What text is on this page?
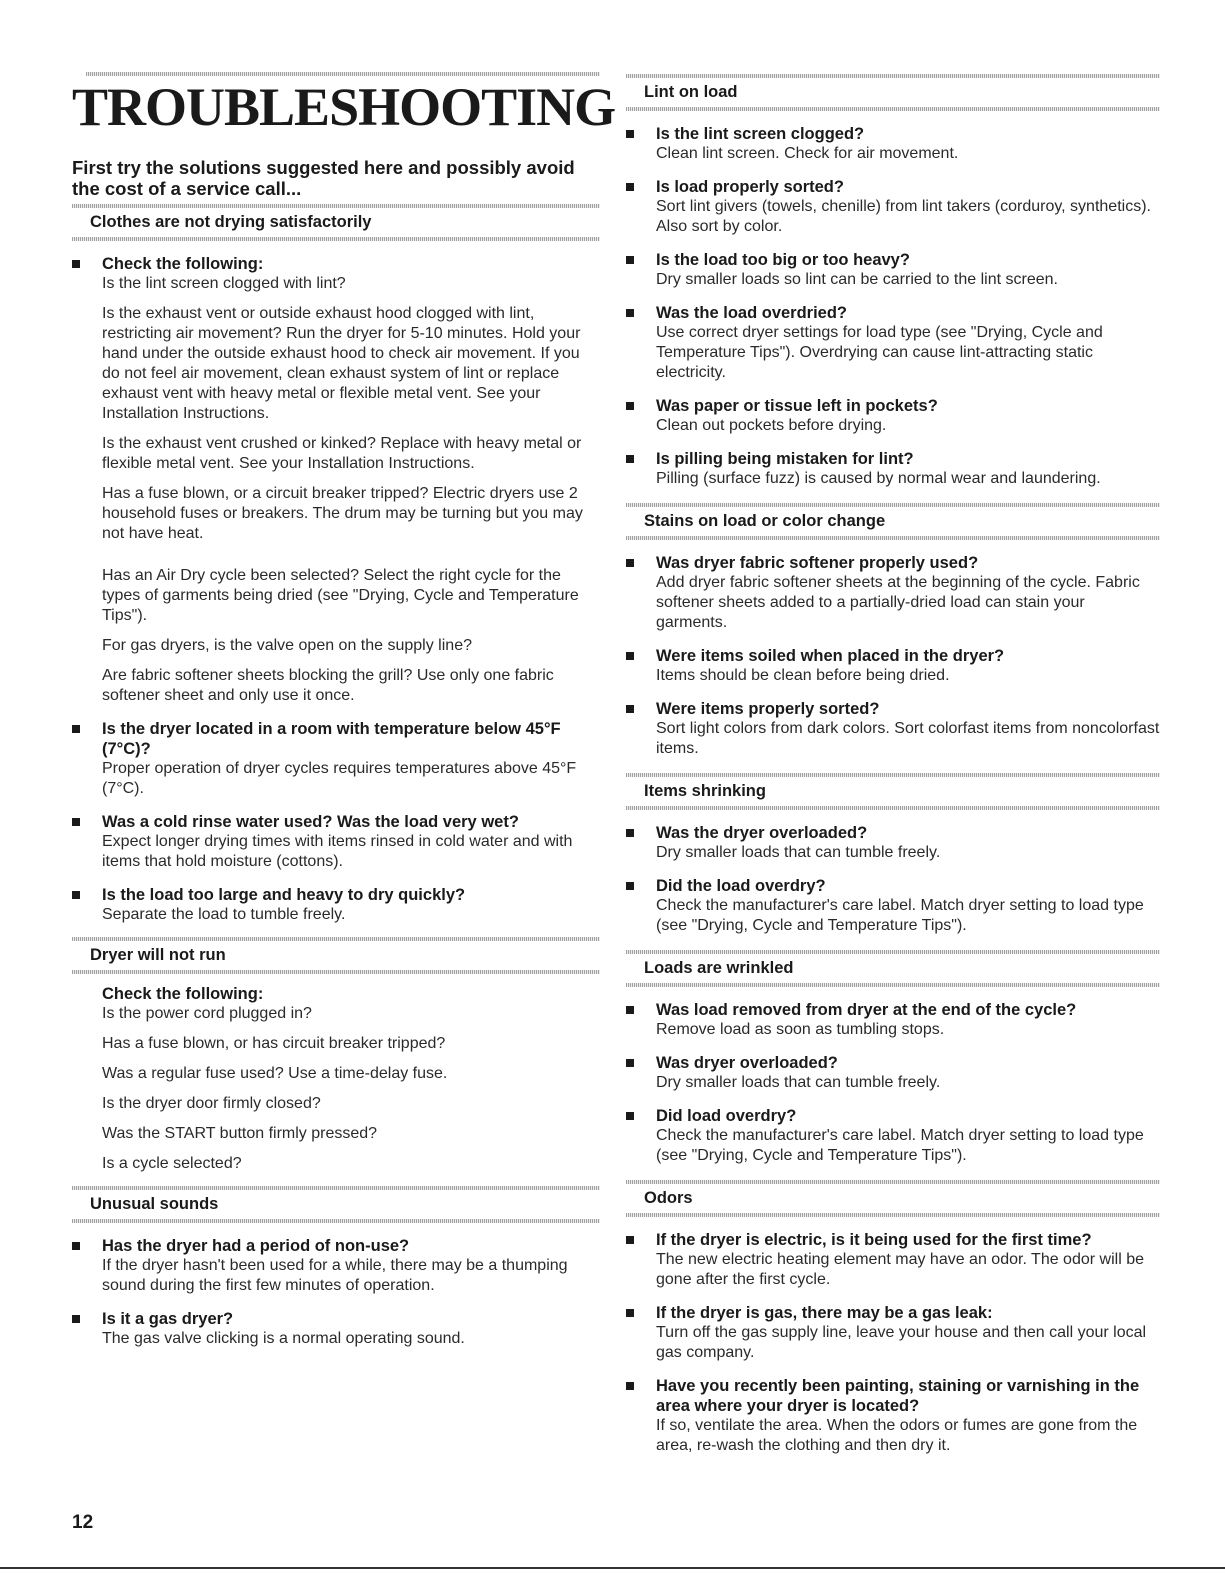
TROUBLESHOOTING

First try the solutions suggested here and possibly avoid the cost of a service call...

Clothes are not drying satisfactorily
Check the following:
Is the lint screen clogged with lint?
Is the exhaust vent or outside exhaust hood clogged with lint, restricting air movement? Run the dryer for 5-10 minutes. Hold your hand under the outside exhaust hood to check air movement. If you do not feel air movement, clean exhaust system of lint or replace exhaust vent with heavy metal or flexible metal vent. See your Installation Instructions.
Is the exhaust vent crushed or kinked? Replace with heavy metal or flexible metal vent. See your Installation Instructions.
Has a fuse blown, or a circuit breaker tripped? Electric dryers use 2 household fuses or breakers. The drum may be turning but you may not have heat.
Has an Air Dry cycle been selected? Select the right cycle for the types of garments being dried (see "Drying, Cycle and Temperature Tips").
For gas dryers, is the valve open on the supply line?
Are fabric softener sheets blocking the grill? Use only one fabric softener sheet and only use it once.
Is the dryer located in a room with temperature below 45°F (7°C)?
Proper operation of dryer cycles requires temperatures above 45°F (7°C).
Was a cold rinse water used? Was the load very wet?
Expect longer drying times with items rinsed in cold water and with items that hold moisture (cottons).
Is the load too large and heavy to dry quickly?
Separate the load to tumble freely.
Dryer will not run
Check the following:
Is the power cord plugged in?
Has a fuse blown, or has circuit breaker tripped?
Was a regular fuse used? Use a time-delay fuse.
Is the dryer door firmly closed?
Was the START button firmly pressed?
Is a cycle selected?
Unusual sounds
Has the dryer had a period of non-use?
If the dryer hasn't been used for a while, there may be a thumping sound during the first few minutes of operation.
Is it a gas dryer?
The gas valve clicking is a normal operating sound.
Lint on load
Is the lint screen clogged?
Clean lint screen. Check for air movement.
Is load properly sorted?
Sort lint givers (towels, chenille) from lint takers (corduroy, synthetics). Also sort by color.
Is the load too big or too heavy?
Dry smaller loads so lint can be carried to the lint screen.
Was the load overdried?
Use correct dryer settings for load type (see "Drying, Cycle and Temperature Tips"). Overdrying can cause lint-attracting static electricity.
Was paper or tissue left in pockets?
Clean out pockets before drying.
Is pilling being mistaken for lint?
Pilling (surface fuzz) is caused by normal wear and laundering.
Stains on load or color change
Was dryer fabric softener properly used?
Add dryer fabric softener sheets at the beginning of the cycle. Fabric softener sheets added to a partially-dried load can stain your garments.
Were items soiled when placed in the dryer?
Items should be clean before being dried.
Were items properly sorted?
Sort light colors from dark colors. Sort colorfast items from noncolorfast items.
Items shrinking
Was the dryer overloaded?
Dry smaller loads that can tumble freely.
Did the load overdry?
Check the manufacturer's care label. Match dryer setting to load type (see "Drying, Cycle and Temperature Tips").
Loads are wrinkled
Was load removed from dryer at the end of the cycle?
Remove load as soon as tumbling stops.
Was dryer overloaded?
Dry smaller loads that can tumble freely.
Did load overdry?
Check the manufacturer's care label. Match dryer setting to load type (see "Drying, Cycle and Temperature Tips").
Odors
If the dryer is electric, is it being used for the first time?
The new electric heating element may have an odor. The odor will be gone after the first cycle.
If the dryer is gas, there may be a gas leak:
Turn off the gas supply line, leave your house and then call your local gas company.
Have you recently been painting, staining or varnishing in the area where your dryer is located?
If so, ventilate the area. When the odors or fumes are gone from the area, re-wash the clothing and then dry it.
12
